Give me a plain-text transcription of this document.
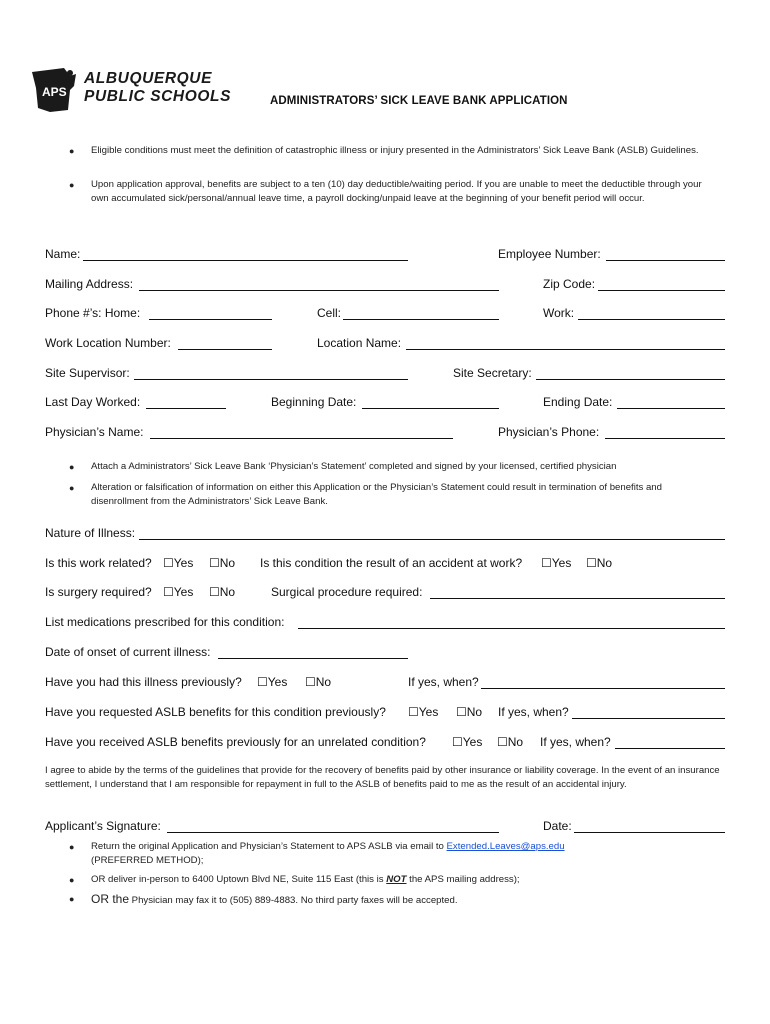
APS
ALBUQUERQUE
PUBLIC SCHOOLS	ADMINISTRATORS’ SICK LEAVE BANK APPLICATION
● Eligible conditions must meet the definition of catastrophic illness or injury presented in the Administrators’ Sick Leave Bank (ASLB) Guidelines.
● Upon application approval, benefits are subject to a ten (10) day deductible/waiting period. If you are unable to meet the deductible through your own accumulated sick/personal/annual leave time, a payroll docking/unpaid leave at the beginning of your benefit period will occur.
Name:	Employee Number:
Mailing Address:	Zip Code:
Phone #’s: Home:	Cell:	Work:
Work Location Number:	Location Name:
Site Supervisor:	Site Secretary:
Last Day Worked:	Beginning Date:	Ending Date:
Physician’s Name:	Physician’s Phone:
● Attach a Administrators’ Sick Leave Bank ‘Physician’s Statement’ completed and signed by your licensed, certified physician
● Alteration or falsification of information on either this Application or the Physician’s Statement could result in termination of benefits and disenrollment from the Administrators’ Sick Leave Bank.
Nature of Illness:
Is this work related? ☐Yes ☐No Is this condition the result of an accident at work? ☐Yes ☐No
Is surgery required? ☐Yes ☐No	Surgical procedure required:
List medications prescribed for this condition:
Date of onset of current illness:
Have you had this illness previously? ☐Yes ☐No	If yes, when?
Have you requested ASLB benefits for this condition previously? ☐Yes ☐No If yes, when?
Have you received ASLB benefits previously for an unrelated condition? ☐Yes ☐No If yes, when?
I agree to abide by the terms of the guidelines that provide for the recovery of benefits paid by other insurance or liability coverage. In the event of an insurance settlement, I understand that I am responsible for repayment in full to the ASLB of benefits paid to me as the result of an accidental injury.
Applicant’s Signature:	Date:
● Return the original Application and Physician’s Statement to APS ASLB via email to Extended.Leaves@aps.edu
(PREFERRED METHOD);
● OR deliver in-person to 6400 Uptown Blvd NE, Suite 115 East (this is NOT the APS mailing address);
● OR the Physician may fax it to (505) 889-4883. No third party faxes will be accepted.
